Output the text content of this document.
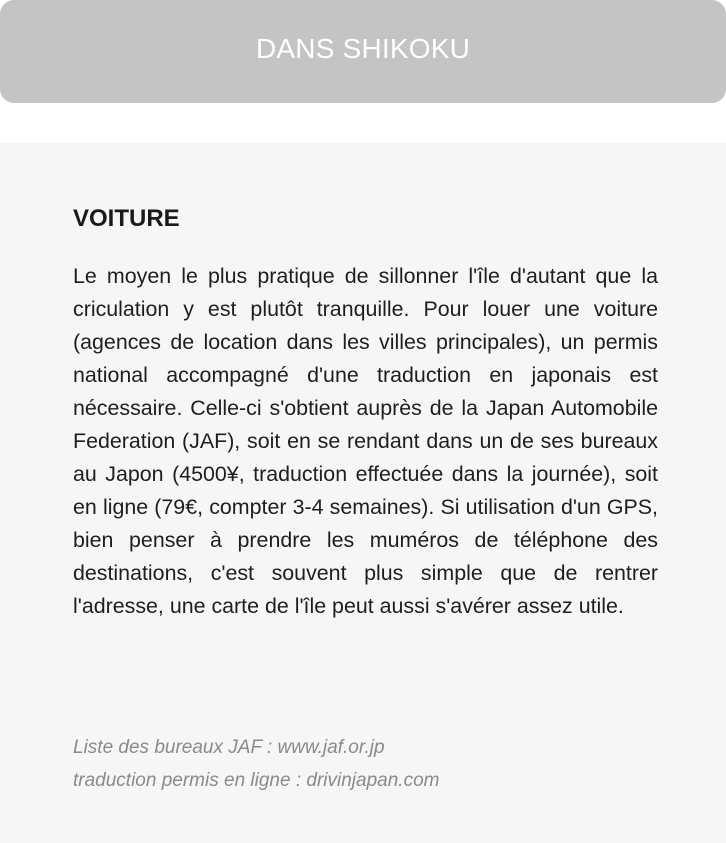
DANS SHIKOKU
VOITURE

Le moyen le plus pratique de sillonner l'île d'autant que la criculation y est plutôt tranquille. Pour louer une voiture (agences de location dans les villes principales), un permis national accompagné d'une traduction en japonais est nécessaire. Celle-ci s'obtient auprès de la Japan Automobile Federation (JAF), soit en se rendant dans un de ses bureaux au Japon (4500¥, traduction effectuée dans la journée), soit en ligne (79€, compter 3-4 semaines). Si utilisation d'un GPS, bien penser à prendre les muméros de téléphone des destinations, c'est souvent plus simple que de rentrer l'adresse, une carte de l'île peut aussi s'avérer assez utile.

Liste des bureaux JAF : www.jaf.or.jp
traduction permis en ligne : drivinjapan.com
